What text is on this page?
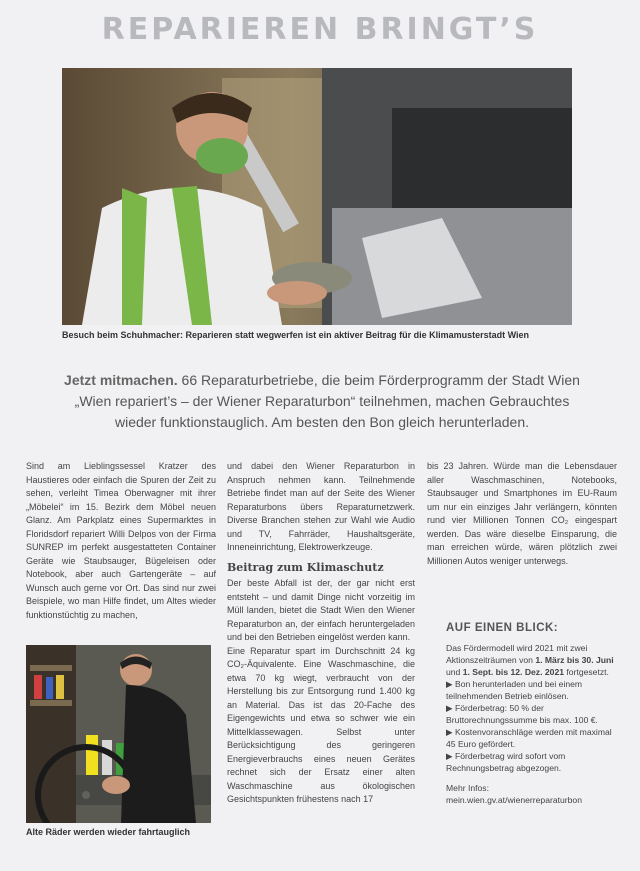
REPARIEREN BRINGT’S
Besuch beim Schuhmacher: Reparieren statt wegwerfen ist ein aktiver Beitrag für die Klimamusterstadt Wien
Jetzt mitmachen. 66 Reparaturbetriebe, die beim Förderprogramm der Stadt Wien „Wien repariert’s – der Wiener Reparaturbon“ teilnehmen, machen Gebrauchtes wieder funktionstauglich. Am besten den Bon gleich herunterladen.

Sind am Lieblingssessel Kratzer des Haustieres oder einfach die Spuren der Zeit zu sehen, verleiht Timea Oberwagner mit ihrer „Möbelei“ im 15. Bezirk dem Möbel neuen Glanz. Am Parkplatz eines Supermarktes in Floridsdorf repariert Willi Delpos von der Firma SUNREP im perfekt ausgestatteten Container Geräte wie Staubsauger, Bügeleisen oder Notebook, aber auch Gartengeräte – auf Wunsch auch gerne vor Ort. Das sind nur zwei Beispiele, wo man Hilfe findet, um Altes wieder funktionstüchtig zu machen,

Alte Räder werden wieder fahrtauglich

und dabei den Wiener Reparaturbon in Anspruch nehmen kann. Teilnehmende Betriebe findet man auf der Seite des Wiener Reparaturbons übers Reparaturnetzwerk. Diverse Branchen stehen zur Wahl wie Audio und TV, Fahrräder, Haushaltsgeräte, Inneneinrichtung, Elektrowerkzeuge.

Beitrag zum Klimaschutz

Der beste Abfall ist der, der gar nicht erst entsteht – und damit Dinge nicht vorzeitig im Müll landen, bietet die Stadt Wien den Wiener Reparaturbon an, der einfach heruntergeladen und bei den Betrieben eingelöst werden kann.

Eine Reparatur spart im Durchschnitt 24 kg CO₂-Äquivalente. Eine Waschmaschine, die etwa 70 kg wiegt, verbraucht von der Herstellung bis zur Entsorgung rund 1.400 kg an Material. Das ist das 20-Fache des Eigengewichts und etwa so schwer wie ein Mittelklassewagen. Selbst unter Berücksichtigung des geringeren Energieverbrauchs eines neuen Gerätes rechnet sich der Ersatz einer alten Waschmaschine aus ökologischen Gesichtspunkten frühestens nach 17

bis 23 Jahren. Würde man die Lebensdauer aller Waschmaschinen, Notebooks, Staubsauger und Smartphones im EU-Raum um nur ein einziges Jahr verlängern, könnten rund vier Millionen Tonnen CO₂ eingespart werden. Das wäre dieselbe Einsparung, die man erreichen würde, wären plötzlich zwei Millionen Autos weniger unterwegs.

AUF EINEN BLICK:
Das Fördermodell wird 2021 mit zwei Aktionszeiträumen von 1. März bis 30. Juni und 1. Sept. bis 12. Dez. 2021 fortgesetzt.
▶ Bon herunterladen und bei einem teilnehmenden Betrieb einlösen.
▶ Förderbetrag: 50 % der Bruttorechnungssumme bis max. 100 €.
▶ Kostenvoranschläge werden mit maximal 45 Euro gefördert.
▶ Förderbetrag wird sofort vom Rechnungsbetrag abgezogen.
Mehr Infos:
mein.wien.gv.at/wienerreparaturbon
